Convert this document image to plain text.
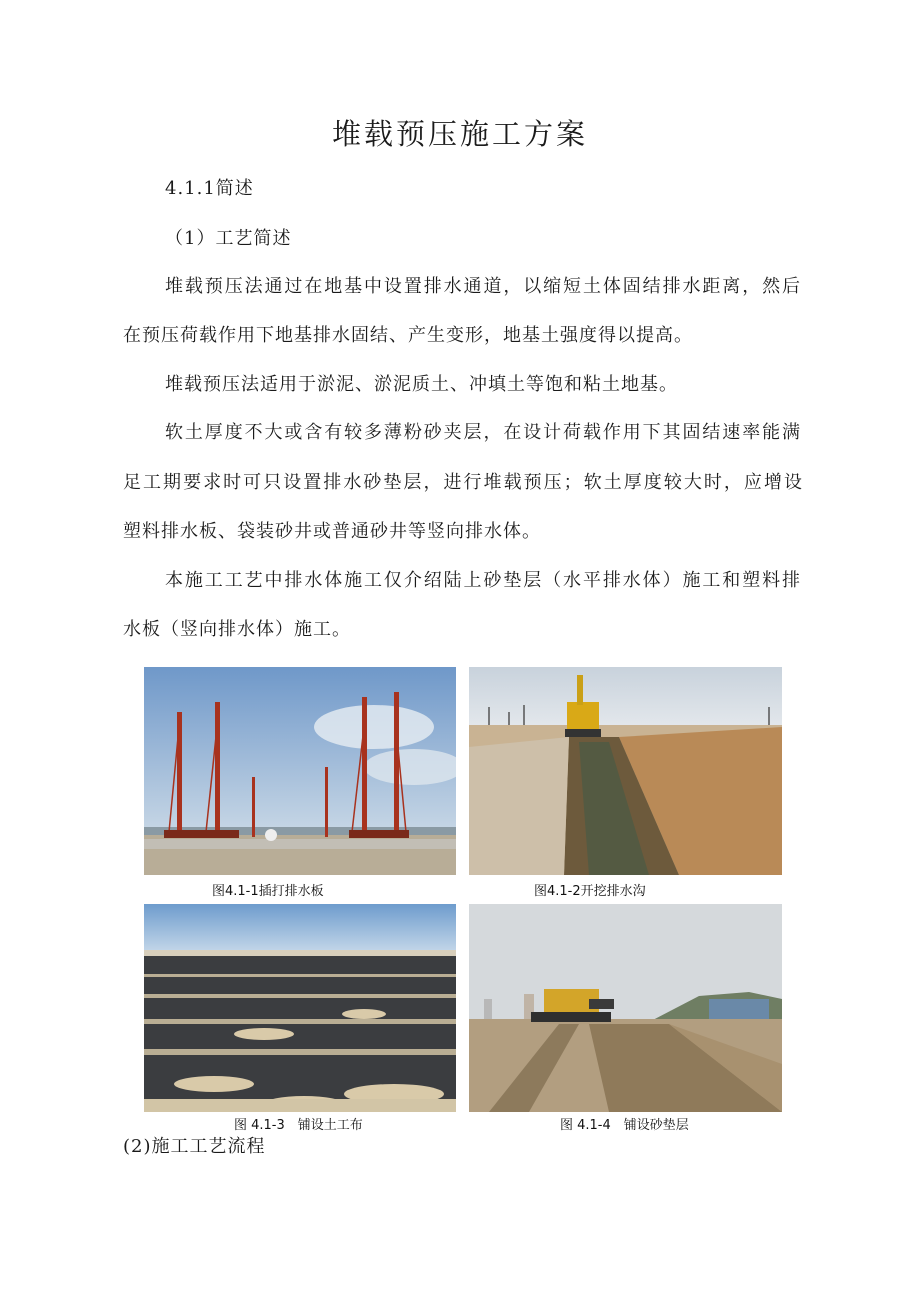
堆载预压施工方案
4.1.1简述
（1）工艺简述
堆载预压法通过在地基中设置排水通道，以缩短土体固结排水距离，然后
在预压荷载作用下地基排水固结、产生变形，地基土强度得以提高。
堆载预压法适用于淤泥、淤泥质土、冲填土等饱和粘土地基。
软土厚度不大或含有较多薄粉砂夹层，在设计荷载作用下其固结速率能满
足工期要求时可只设置排水砂垫层，进行堆载预压；软土厚度较大时，应增设
塑料排水板、袋装砂井或普通砂井等竖向排水体。
本施工工艺中排水体施工仅介绍陆上砂垫层（水平排水体）施工和塑料排
水板（竖向排水体）施工。
图4.1-1插打排水板	图4.1-2开挖排水沟
图 4.1-3　铺设土工布	图 4.1-4　铺设砂垫层
(2)施工工艺流程
